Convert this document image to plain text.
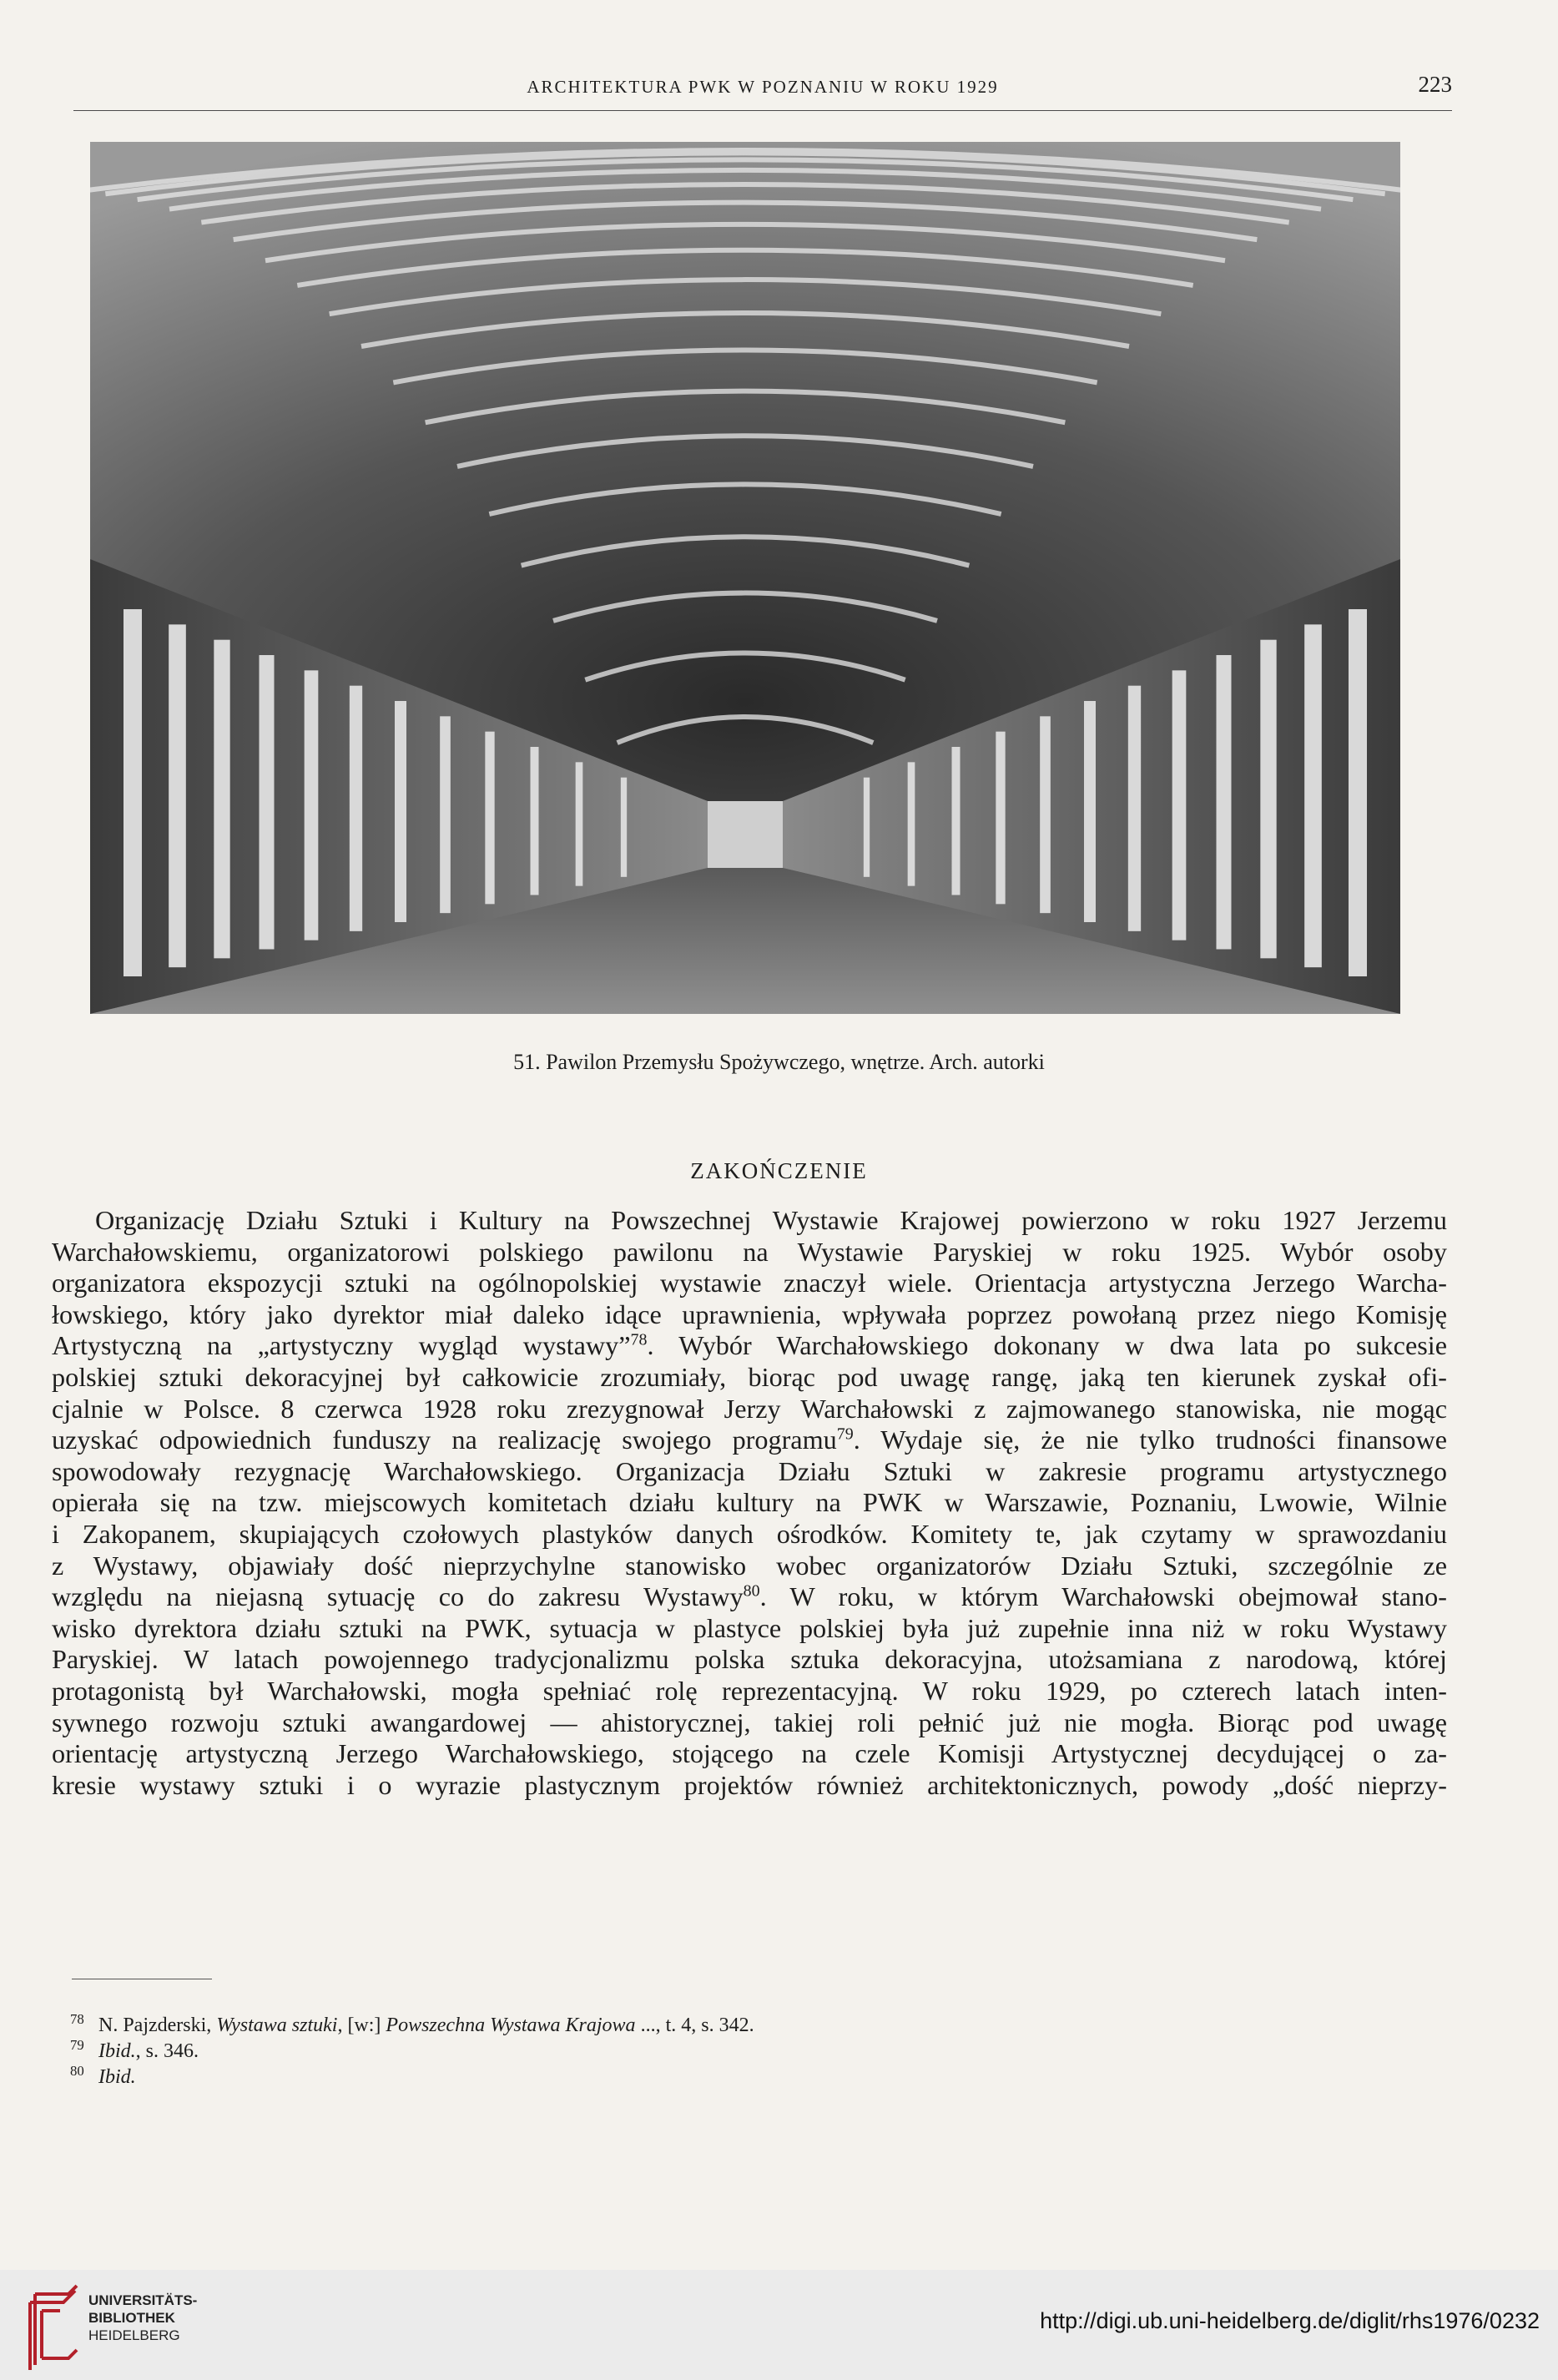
ARCHITEKTURA PWK W POZNANIU W ROKU 1929	223
51. Pawilon Przemysłu Spożywczego, wnętrze. Arch. autorki
ZAKOŃCZENIE
Organizację Działu Sztuki i Kultury na Powszechnej Wystawie Krajowej powierzono w roku 1927 Jerzemu
Warchałowskiemu, organizatorowi polskiego pawilonu na Wystawie Paryskiej w roku 1925. Wybór osoby
organizatora ekspozycji sztuki na ogólnopolskiej wystawie znaczył wiele. Orientacja artystyczna Jerzego Warcha-
łowskiego, który jako dyrektor miał daleko idące uprawnienia, wpływała poprzez powołaną przez niego Komisję
Artystyczną na „artystyczny wygląd wystawy”$^{78}$. Wybór Warchałowskiego dokonany w dwa lata po sukcesie
polskiej sztuki dekoracyjnej był całkowicie zrozumiały, biorąc pod uwagę rangę, jaką ten kierunek zyskał ofi-
cjalnie w Polsce. 8 czerwca 1928 roku zrezygnował Jerzy Warchałowski z zajmowanego stanowiska, nie mogąc
uzyskać odpowiednich funduszy na realizację swojego programu$^{79}$. Wydaje się, że nie tylko trudności finansowe
spowodowały rezygnację Warchałowskiego. Organizacja Działu Sztuki w zakresie programu artystycznego
opierała się na tzw. miejscowych komitetach działu kultury na PWK w Warszawie, Poznaniu, Lwowie, Wilnie
i Zakopanem, skupiających czołowych plastyków danych ośrodków. Komitety te, jak czytamy w sprawozdaniu
z Wystawy, objawiały dość nieprzychylne stanowisko wobec organizatorów Działu Sztuki, szczególnie ze
względu na niejasną sytuację co do zakresu Wystawy$^{80}$. W roku, w którym Warchałowski obejmował stano-
wisko dyrektora działu sztuki na PWK, sytuacja w plastyce polskiej była już zupełnie inna niż w roku Wystawy
Paryskiej. W latach powojennego tradycjonalizmu polska sztuka dekoracyjna, utożsamiana z narodową, której
protagonistą był Warchałowski, mogła spełniać rolę reprezentacyjną. W roku 1929, po czterech latach inten-
sywnego rozwoju sztuki awangardowej — ahistorycznej, takiej roli pełnić już nie mogła. Biorąc pod uwagę
orientację artystyczną Jerzego Warchałowskiego, stojącego na czele Komisji Artystycznej decydującej o za-
kresie wystawy sztuki i o wyrazie plastycznym projektów również architektonicznych, powody „dość nieprzy-
$^{78}$ N. Pajzderski, Wystawa sztuki, [w:] Powszechna Wystawa Krajowa ..., t. 4, s. 342.
$^{79}$ Ibid., s. 346.
$^{80}$ Ibid.
UNIVERSITÄTS-
BIBLIOTHEK
HEIDELBERG
http://digi.ub.uni-heidelberg.de/diglit/rhs1976/0232
